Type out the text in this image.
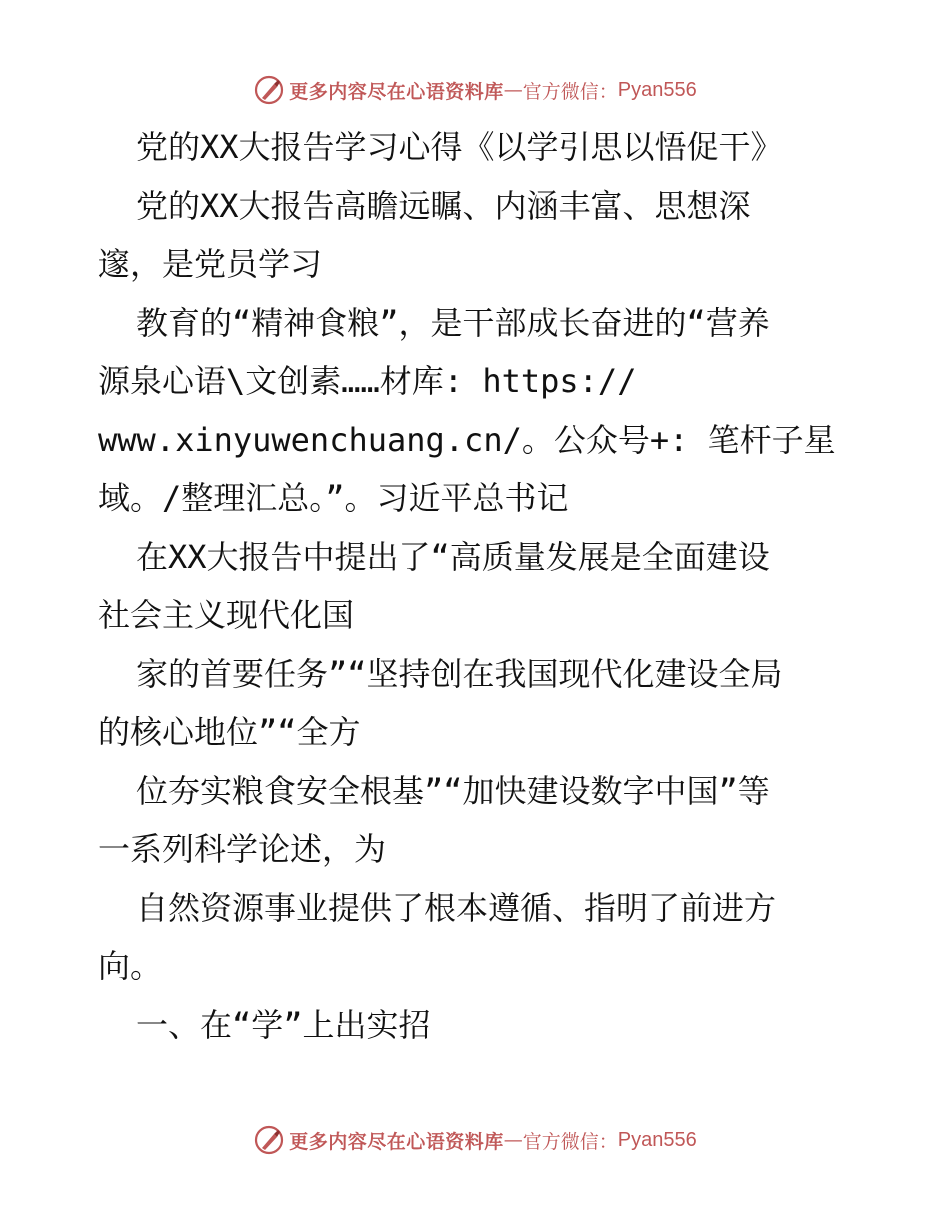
更多内容尽在心语资料库 — 官方微信： Pyan556
党的XX大报告学习心得《以学引思以悟促干》
党的XX大报告高瞻远瞩、内涵丰富、思想深
邃，是党员学习
教育的“精神食粮”，是干部成长奋进的“营养
源泉心语\文创素……材库: https://
www.xinyuwenchuang.cn/。公众号+: 笔杆子星
域。/整理汇总。”。习近平总书记
在XX大报告中提出了“高质量发展是全面建设
社会主义现代化国
家的首要任务”“坚持创在我国现代化建设全局
的核心地位”“全方
位夯实粮食安全根基”“加快建设数字中国”等
一系列科学论述，为
自然资源事业提供了根本遵循、指明了前进方
向。
一、在“学”上出实招
更多内容尽在心语资料库 — 官方微信： Pyan556
